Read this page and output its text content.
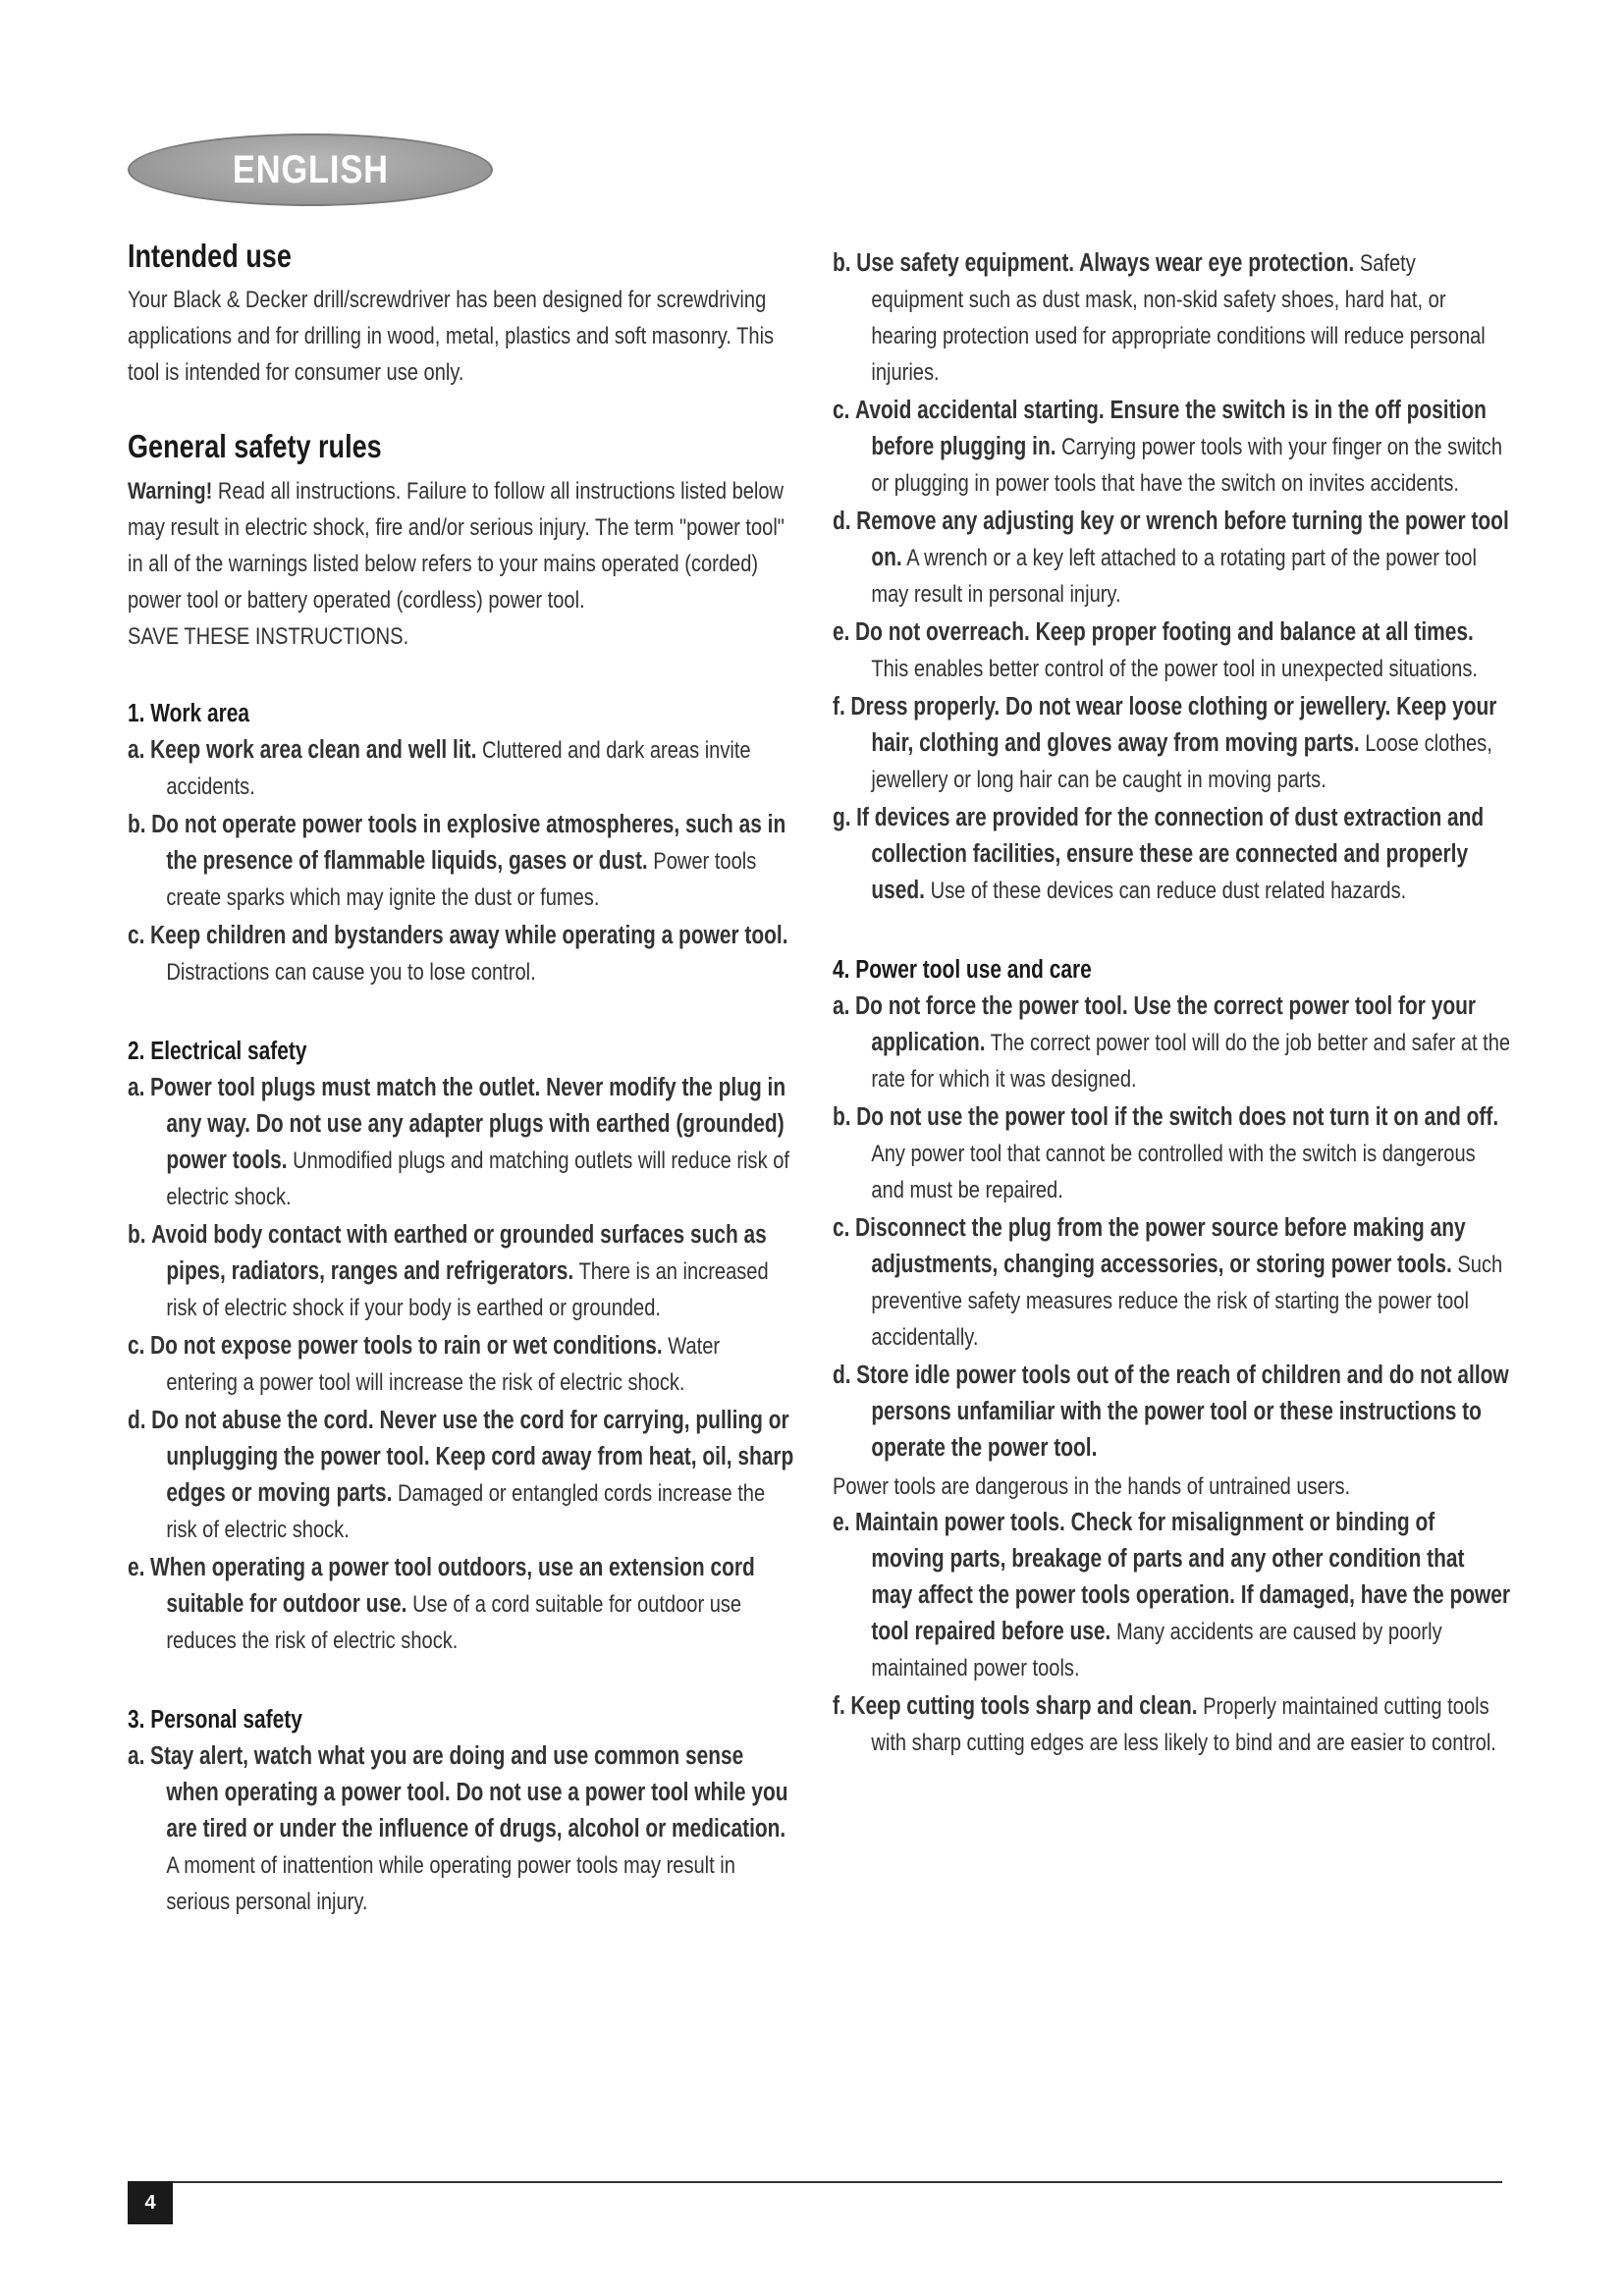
ENGLISH
Intended use

Your Black & Decker drill/screwdriver has been designed for screwdriving applications and for drilling in wood, metal, plastics and soft masonry. This tool is intended for consumer use only.

General safety rules

Warning! Read all instructions. Failure to follow all instructions listed below may result in electric shock, fire and/or serious injury. The term "power tool" in all of the warnings listed below refers to your mains operated (corded) power tool or battery operated (cordless) power tool.

SAVE THESE INSTRUCTIONS.

1. Work area

a. Keep work area clean and well lit. Cluttered and dark areas invite accidents.

b. Do not operate power tools in explosive atmospheres, such as in the presence of flammable liquids, gases or dust. Power tools create sparks which may ignite the dust or fumes.

c. Keep children and bystanders away while operating a power tool. Distractions can cause you to lose control.

2. Electrical safety

a. Power tool plugs must match the outlet. Never modify the plug in any way. Do not use any adapter plugs with earthed (grounded) power tools. Unmodified plugs and matching outlets will reduce risk of electric shock.

b. Avoid body contact with earthed or grounded surfaces such as pipes, radiators, ranges and refrigerators. There is an increased risk of electric shock if your body is earthed or grounded.

c. Do not expose power tools to rain or wet conditions. Water entering a power tool will increase the risk of electric shock.

d. Do not abuse the cord. Never use the cord for carrying, pulling or unplugging the power tool. Keep cord away from heat, oil, sharp edges or moving parts. Damaged or entangled cords increase the risk of electric shock.

e. When operating a power tool outdoors, use an extension cord suitable for outdoor use. Use of a cord suitable for outdoor use reduces the risk of electric shock.

3. Personal safety

a. Stay alert, watch what you are doing and use common sense when operating a power tool. Do not use a power tool while you are tired or under the influence of drugs, alcohol or medication. A moment of inattention while operating power tools may result in serious personal injury.

b. Use safety equipment. Always wear eye protection. Safety equipment such as dust mask, non-skid safety shoes, hard hat, or hearing protection used for appropriate conditions will reduce personal injuries.

c. Avoid accidental starting. Ensure the switch is in the off position before plugging in. Carrying power tools with your finger on the switch or plugging in power tools that have the switch on invites accidents.

d. Remove any adjusting key or wrench before turning the power tool on. A wrench or a key left attached to a rotating part of the power tool may result in personal injury.

e. Do not overreach. Keep proper footing and balance at all times. This enables better control of the power tool in unexpected situations.

f. Dress properly. Do not wear loose clothing or jewellery. Keep your hair, clothing and gloves away from moving parts. Loose clothes, jewellery or long hair can be caught in moving parts.

g. If devices are provided for the connection of dust extraction and collection facilities, ensure these are connected and properly used. Use of these devices can reduce dust related hazards.

4. Power tool use and care

a. Do not force the power tool. Use the correct power tool for your application. The correct power tool will do the job better and safer at the rate for which it was designed.

b. Do not use the power tool if the switch does not turn it on and off. Any power tool that cannot be controlled with the switch is dangerous and must be repaired.

c. Disconnect the plug from the power source before making any adjustments, changing accessories, or storing power tools. Such preventive safety measures reduce the risk of starting the power tool accidentally.

d. Store idle power tools out of the reach of children and do not allow persons unfamiliar with the power tool or these instructions to operate the power tool.

Power tools are dangerous in the hands of untrained users.

e. Maintain power tools. Check for misalignment or binding of moving parts, breakage of parts and any other condition that may affect the power tools operation. If damaged, have the power tool repaired before use. Many accidents are caused by poorly maintained power tools.

f. Keep cutting tools sharp and clean. Properly maintained cutting tools with sharp cutting edges are less likely to bind and are easier to control.

4
